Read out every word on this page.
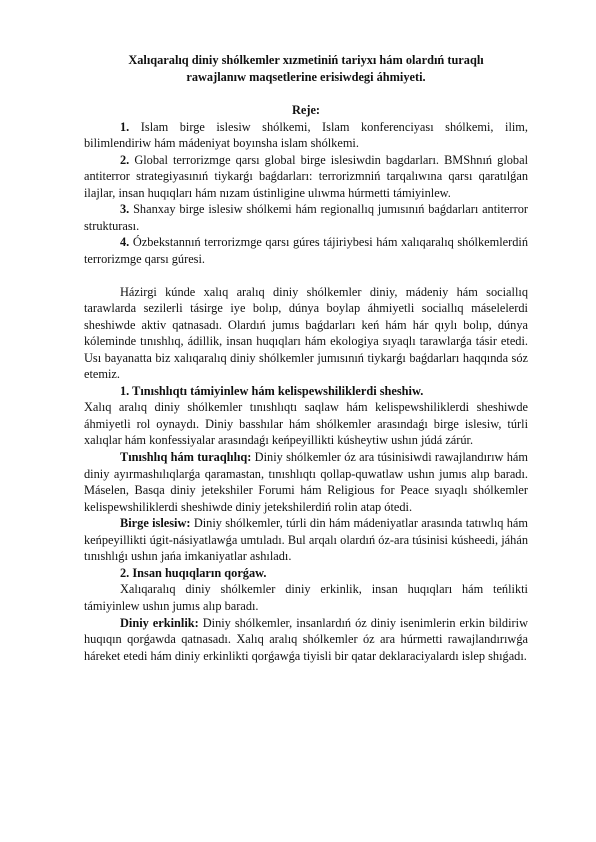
Xalıqaralıq diniy shólkemler xızmetiniń tariyxı hám olardıń turaqlı
rawajlanıw maqsetlerine erisiwdegi áhmiyeti.

Reje:

1. Islam birge islesiw shólkemi, Islam konferenciyası shólkemi, ilim, bilimlendiriw hám mádeniyat boyınsha islam shólkemi.

2. Global terrorizmge qarsı global birge islesiwdin bagdarları. BMShnıń global antiterror strategiyasınıń tiykarǵı baǵdarları: terrorizmniń tarqalıwına qarsı qaratılǵan ilajlar, insan huqıqları hám nızam ústinligine ulıwma húrmetti támiyinlew.

3. Shanxay birge islesiw shólkemi hám regionallıq jumısınıń baǵdarları antiterror strukturası.

4. Ózbekstannıń terrorizmge qarsı gúres tájiriybesi hám xalıqaralıq shólkemlerdiń terrorizmge qarsı gúresi.

Házirgi kúnde xalıq aralıq diniy shólkemler diniy, mádeniy hám sociallıq tarawlarda sezilerli tásirge iye bolıp, dúnya boylap áhmiyetli sociallıq máselelerdi sheshiwde aktiv qatnasadı. Olardıń jumıs baǵdarları keń hám hár qıylı bolıp, dúnya kóleminde tınıshlıq, ádillik, insan huqıqları hám ekologiya sıyaqlı tarawlarǵa tásir etedi. Usı bayanatta biz xalıqaralıq diniy shólkemler jumısınıń tiykarǵı baǵdarları haqqında sóz etemiz.

1. Tınıshlıqtı támiyinlew hám kelispewshiliklerdi sheshiw.

Xalıq aralıq diniy shólkemler tınıshlıqtı saqlaw hám kelispewshiliklerdi sheshiwde áhmiyetli rol oynaydı. Diniy basshılar hám shólkemler arasındaǵı birge islesiw, túrli xalıqlar hám konfessiyalar arasındaǵı keńpeyillikti kúsheytiw ushın júdá zárúr.

Tınıshlıq hám turaqlılıq: Diniy shólkemler óz ara túsinisiwdi rawajlandırıw hám diniy ayırmashılıqlarǵa qaramastan, tınıshlıqtı qollap-quwatlaw ushın jumıs alıp baradı. Máselen, Basqa diniy jetekshiler Forumi hám Religious for Peace sıyaqlı shólkemler kelispewshiliklerdi sheshiwde diniy jetekshilerdiń rolin atap ótedi.

Birge islesiw: Diniy shólkemler, túrli din hám mádeniyatlar arasında tatıwlıq hám keńpeyillikti úgit-násiyatlawǵa umtıladı. Bul arqalı olardıń óz-ara túsinisi kúsheedi, jáhán tınıshlıǵı ushın jańa imkaniyatlar ashıladı.

2. Insan huqıqların qorǵaw.

Xalıqaralıq diniy shólkemler diniy erkinlik, insan huqıqları hám teńlikti támiyinlew ushın jumıs alıp baradı.

Diniy erkinlik: Diniy shólkemler, insanlardıń óz diniy isenimlerin erkin bildiriw huqıqın qorǵawda qatnasadı. Xalıq aralıq shólkemler óz ara húrmetti rawajlandırıwǵa háreket etedi hám diniy erkinlikti qorǵawǵa tiyisli bir qatar deklaraciyalardı islep shıǵadı.
